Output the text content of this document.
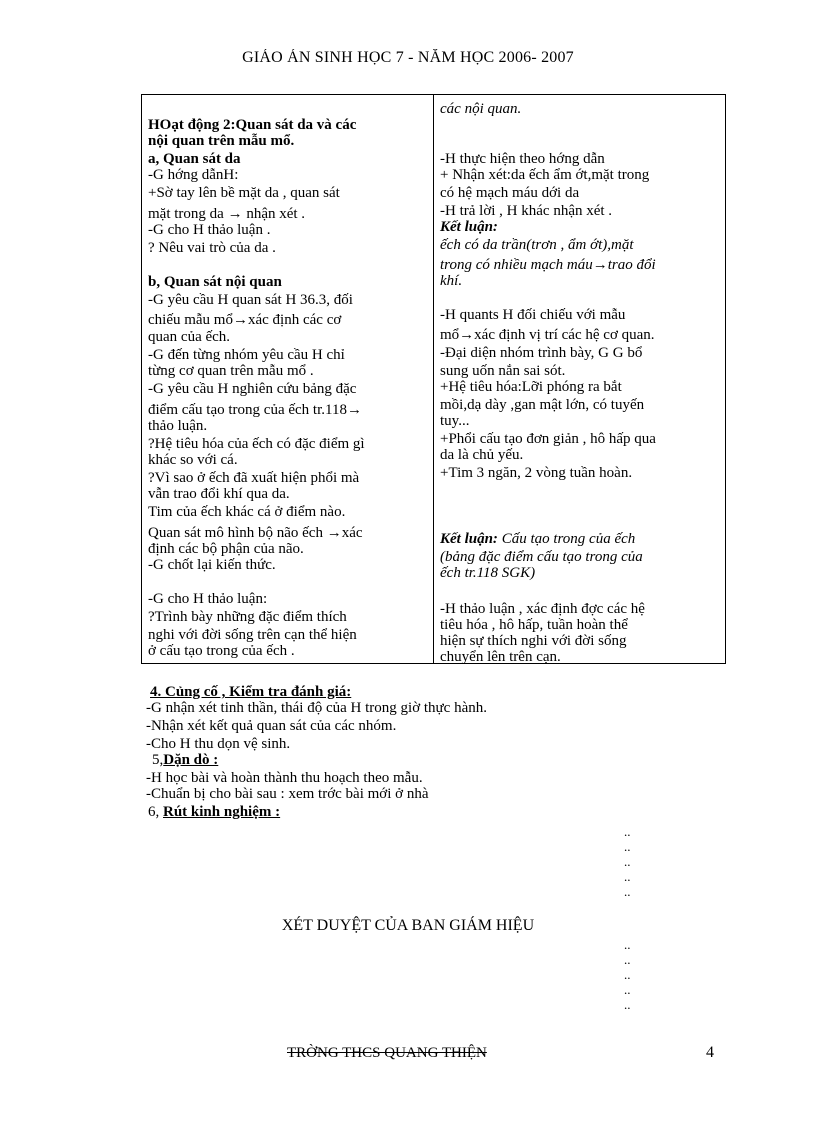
GIÁO ÁN SINH HỌC 7 - NĂM HỌC 2006- 2007
HOạt động 2:Quan sát da và các
nội quan trên mẫu mổ.
a, Quan sát da
-G hớng dẫnH:
+Sờ tay lên bề mặt da , quan sát
mặt trong da → nhận xét .
-G cho H thảo luận .
? Nêu vai trò của da .
b, Quan sát nội quan
-G yêu cầu H quan sát H 36.3, đối
chiếu mẫu mổ→xác định các cơ
quan của ếch.
-G đến từng nhóm yêu cầu H chỉ
từng cơ quan trên mẫu mổ .
-G yêu cầu H nghiên cứu bảng đặc
điểm cấu tạo trong của ếch tr.118→
thảo luận.
?Hệ tiêu hóa của ếch có đặc điểm gì
khác so với cá.
?Vì sao ở ếch đã xuất hiện phổi mà
vẫn trao đổi khí qua da.
Tim của ếch khác cá ở điểm nào.
Quan sát mô hình bộ não ếch →xác
định các bộ phận của não.
-G chốt lại kiến thức.
-G cho H thảo luận:
?Trình bày những đặc điểm thích
nghi với đời sống trên cạn thể hiện
ở cấu tạo trong của ếch .
các nội quan.
-H thực hiện theo hớng dẫn
+ Nhận xét:da ếch ẩm ớt,mặt trong
có hệ mạch máu dới da
-H trả lời , H khác nhận xét .
Kết luận:
ếch có da trần(trơn , ẩm ớt),mặt
trong có nhiều mạch máu→trao đổi
khí.
-H quants H đối chiếu với mẫu
mổ→xác định vị trí các hệ cơ quan.
-Đại diện nhóm trình bày, G G bổ
sung uốn nắn sai sót.
+Hệ tiêu hóa:Lỡi phóng ra bắt
mồi,dạ dày ,gan mật lớn, có tuyến
tuy...
+Phổi cấu tạo đơn giản , hô hấp qua
da là chủ yếu.
+Tim 3 ngăn, 2 vòng tuần hoàn.
Kết luận: Cấu tạo trong của ếch
(bảng đặc điểm cấu tạo trong của
ếch tr.118 SGK)
-H thảo luận , xác định đợc các hệ
tiêu hóa , hô hấp, tuần hoàn thể
hiện sự thích nghi với đời sống
chuyển lên trên cạn.
4. Củng cố , Kiểm tra đánh giá:
-G nhận xét tinh thần, thái độ của H trong giờ thực hành.
-Nhận xét kết quả quan sát của các nhóm.
-Cho H thu dọn vệ sinh.
5,Dặn dò :
-H học bài và hoàn thành thu hoạch theo mẫu.
-Chuẩn bị cho bài sau : xem trớc bài mới ở nhà
6, Rút kinh nghiệm :
..
..
..
..
..
XÉT DUYỆT CỦA BAN GIÁM HIỆU
..
..
..
..
..
TRỜNG THCS QUANG THIỆN	4
